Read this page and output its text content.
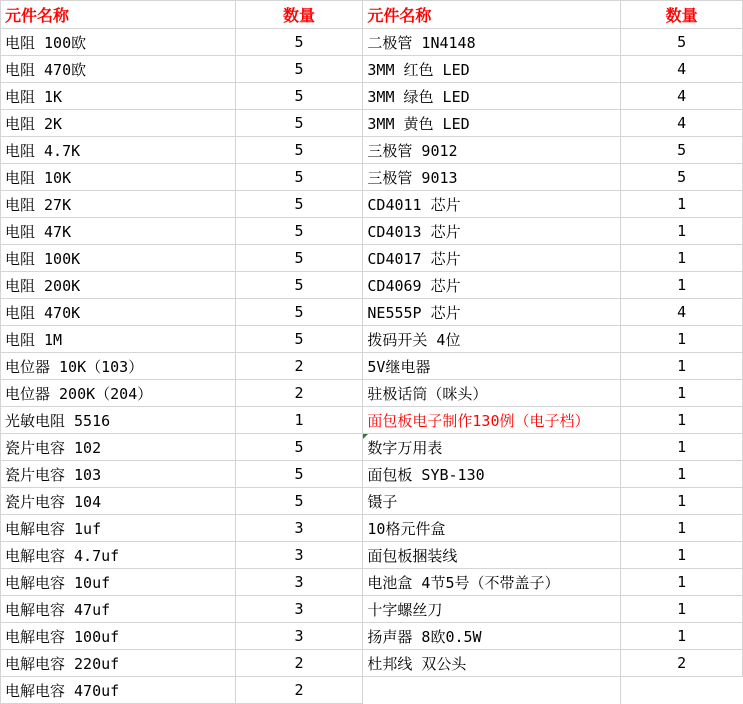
元件名称	数量	元件名称	数量
电阻 100欧	5	二极管 1N4148	5
电阻 470欧	5	3MM 红色 LED	4
电阻 1K	5	3MM 绿色 LED	4
电阻 2K	5	3MM 黄色 LED	4
电阻 4.7K	5	三极管 9012	5
电阻 10K	5	三极管 9013	5
电阻 27K	5	CD4011 芯片	1
电阻 47K	5	CD4013 芯片	1
电阻 100K	5	CD4017 芯片	1
电阻 200K	5	CD4069 芯片	1
电阻 470K	5	NE555P 芯片	4
电阻 1M	5	拨码开关 4位	1
电位器 10K（103）	2	5V继电器	1
电位器 200K（204）	2	驻极话筒（咪头）	1
光敏电阻 5516	1	面包板电子制作130例（电子档）	1
瓷片电容 102	5	数字万用表	1
瓷片电容 103	5	面包板 SYB-130	1
瓷片电容 104	5	镊子	1
电解电容 1uf	3	10格元件盒	1
电解电容 4.7uf	3	面包板捆装线	1
电解电容 10uf	3	电池盒 4节5号（不带盖子）	1
电解电容 47uf	3	十字螺丝刀	1
电解电容 100uf	3	扬声器 8欧0.5W	1
电解电容 220uf	2	杜邦线 双公头	2
电解电容 470uf	2		
